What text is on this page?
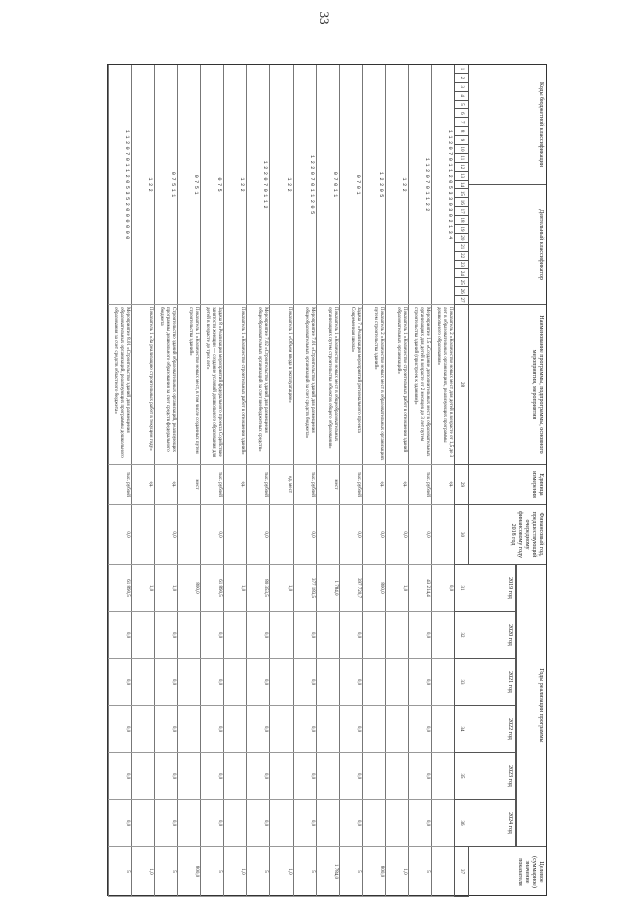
33
Коды бюджетной классификации
Деятельный классификатор
Наименование программы, подпрограммы, основного мероприятия, мероприятия
Единица измерения
Финансовый год, предшествующий очередному финансовому году 2018 год
Годы реализации программы
Целевое (суммарное) значение показателя
2019 год
2020 год
2021 год
2022 год
2023 год
2024 год
1
2
3
4
5
6
7
8
9
10
11
12
13
14
15
16
17
18
19
20
21
22
23
24
25
26
27
28
29
30
31
32
33
34
35
36
37
1 1 2 0 7 0 1 1 2 0 5 3 3 0 3 0 2 1 3 4
Показатель 2 «Количество новых мест для детей в возрасте от 1,5 до 3 лет в образовательных организациях, реализующих программы дошкольного образования»
ед.
0,0
1 1 2 0 7 0 1 1 2 2
Мероприятие 1.5 «Создание дополнительных мест в образовательных организациях для детей в возрасте от 2 месяцев до 3 лет путем строительства зданий (пристроек к зданиям)»
тыс. рублей
0,0
43 214,4
0,0
0,0
0,0
0,0
0,0
5
1 2 2
Показатель 1 «Количество строительных работ в отношении зданий образовательных организаций»
ед.
0,0
1,0
1,0
1 2 2 0 5
Показатель 2 «Количество новых мест в образовательных организациях путем строительства зданий»
ед.
0,0
800,0
800,0
0 7 0 1
Задача 7 «Реализация мероприятий регионального проекта Современная школа»
тыс. рублей
0,0
397 720,7
0,0
0,0
0,0
0,0
0,0
5
0 7 0 1 1
Показатель 1 «Количество новых мест в общеобразовательных организациях путем строительства объектов общего образования»
мест
1 784,0
1 784,0
1 2 2 0 7 0 1 1 2 0 5
Мероприятие 7.01 «Строительство зданий для размещения общеобразовательных организаций за счет средств бюджета»
тыс. рублей
0,0
377 183,5
0,0
0,0
0,0
0,0
0,0
5
1 2 2
Показатель 1 «Объем ввода в эксплуатацию»
ед. мест
1,0
1,0
1 2 2 0 7 0 1 1 2
Мероприятие 7.02 «Строительство зданий для размещения общеобразовательных организаций за счет внебюджетных средств»
тыс. рублей
0,0
80 353,5
0,0
0,0
0,0
0,0
0,0
5
1 2 2
Показатель 1 «Количество строительных работ в отношении зданий»
ед.
1,0
1,0
0 7 5
Задача 8 «Реализация мероприятий федерального проекта Содействие занятости женщин — создание условий дошкольного образования для детей в возрасте до трех лет»
тыс. рублей
0,0
61 890,5
0,0
0,0
0,0
0,0
0,0
5
0 7 5 1
Показатель 1 «Количество новых мест, в том числе созданных путем строительства зданий»
мест
800,0
800,0
0 7 5 1 1
Строительство зданий образовательных организаций, реализующих программы дошкольного образования за счет средств федерального бюджета
ед.
0,0
1,0
0,0
0,0
0,0
0,0
0,0
5
1 2 2
Показатель 1 «За реализацию строительных работ в текущем году»
ед.
1,0
1,0
1 1 2 0 7 0 1 1 2 0 5 3 5 2 0 0 0 0 0 0
Мероприятие 8.01 «Строительство зданий для размещения образовательных организаций, реализующих программы дошкольного образования за счет средств областного бюджета»
тыс. рублей
0,0
61 890,5
0,0
0,0
0,0
0,0
0,0
5
